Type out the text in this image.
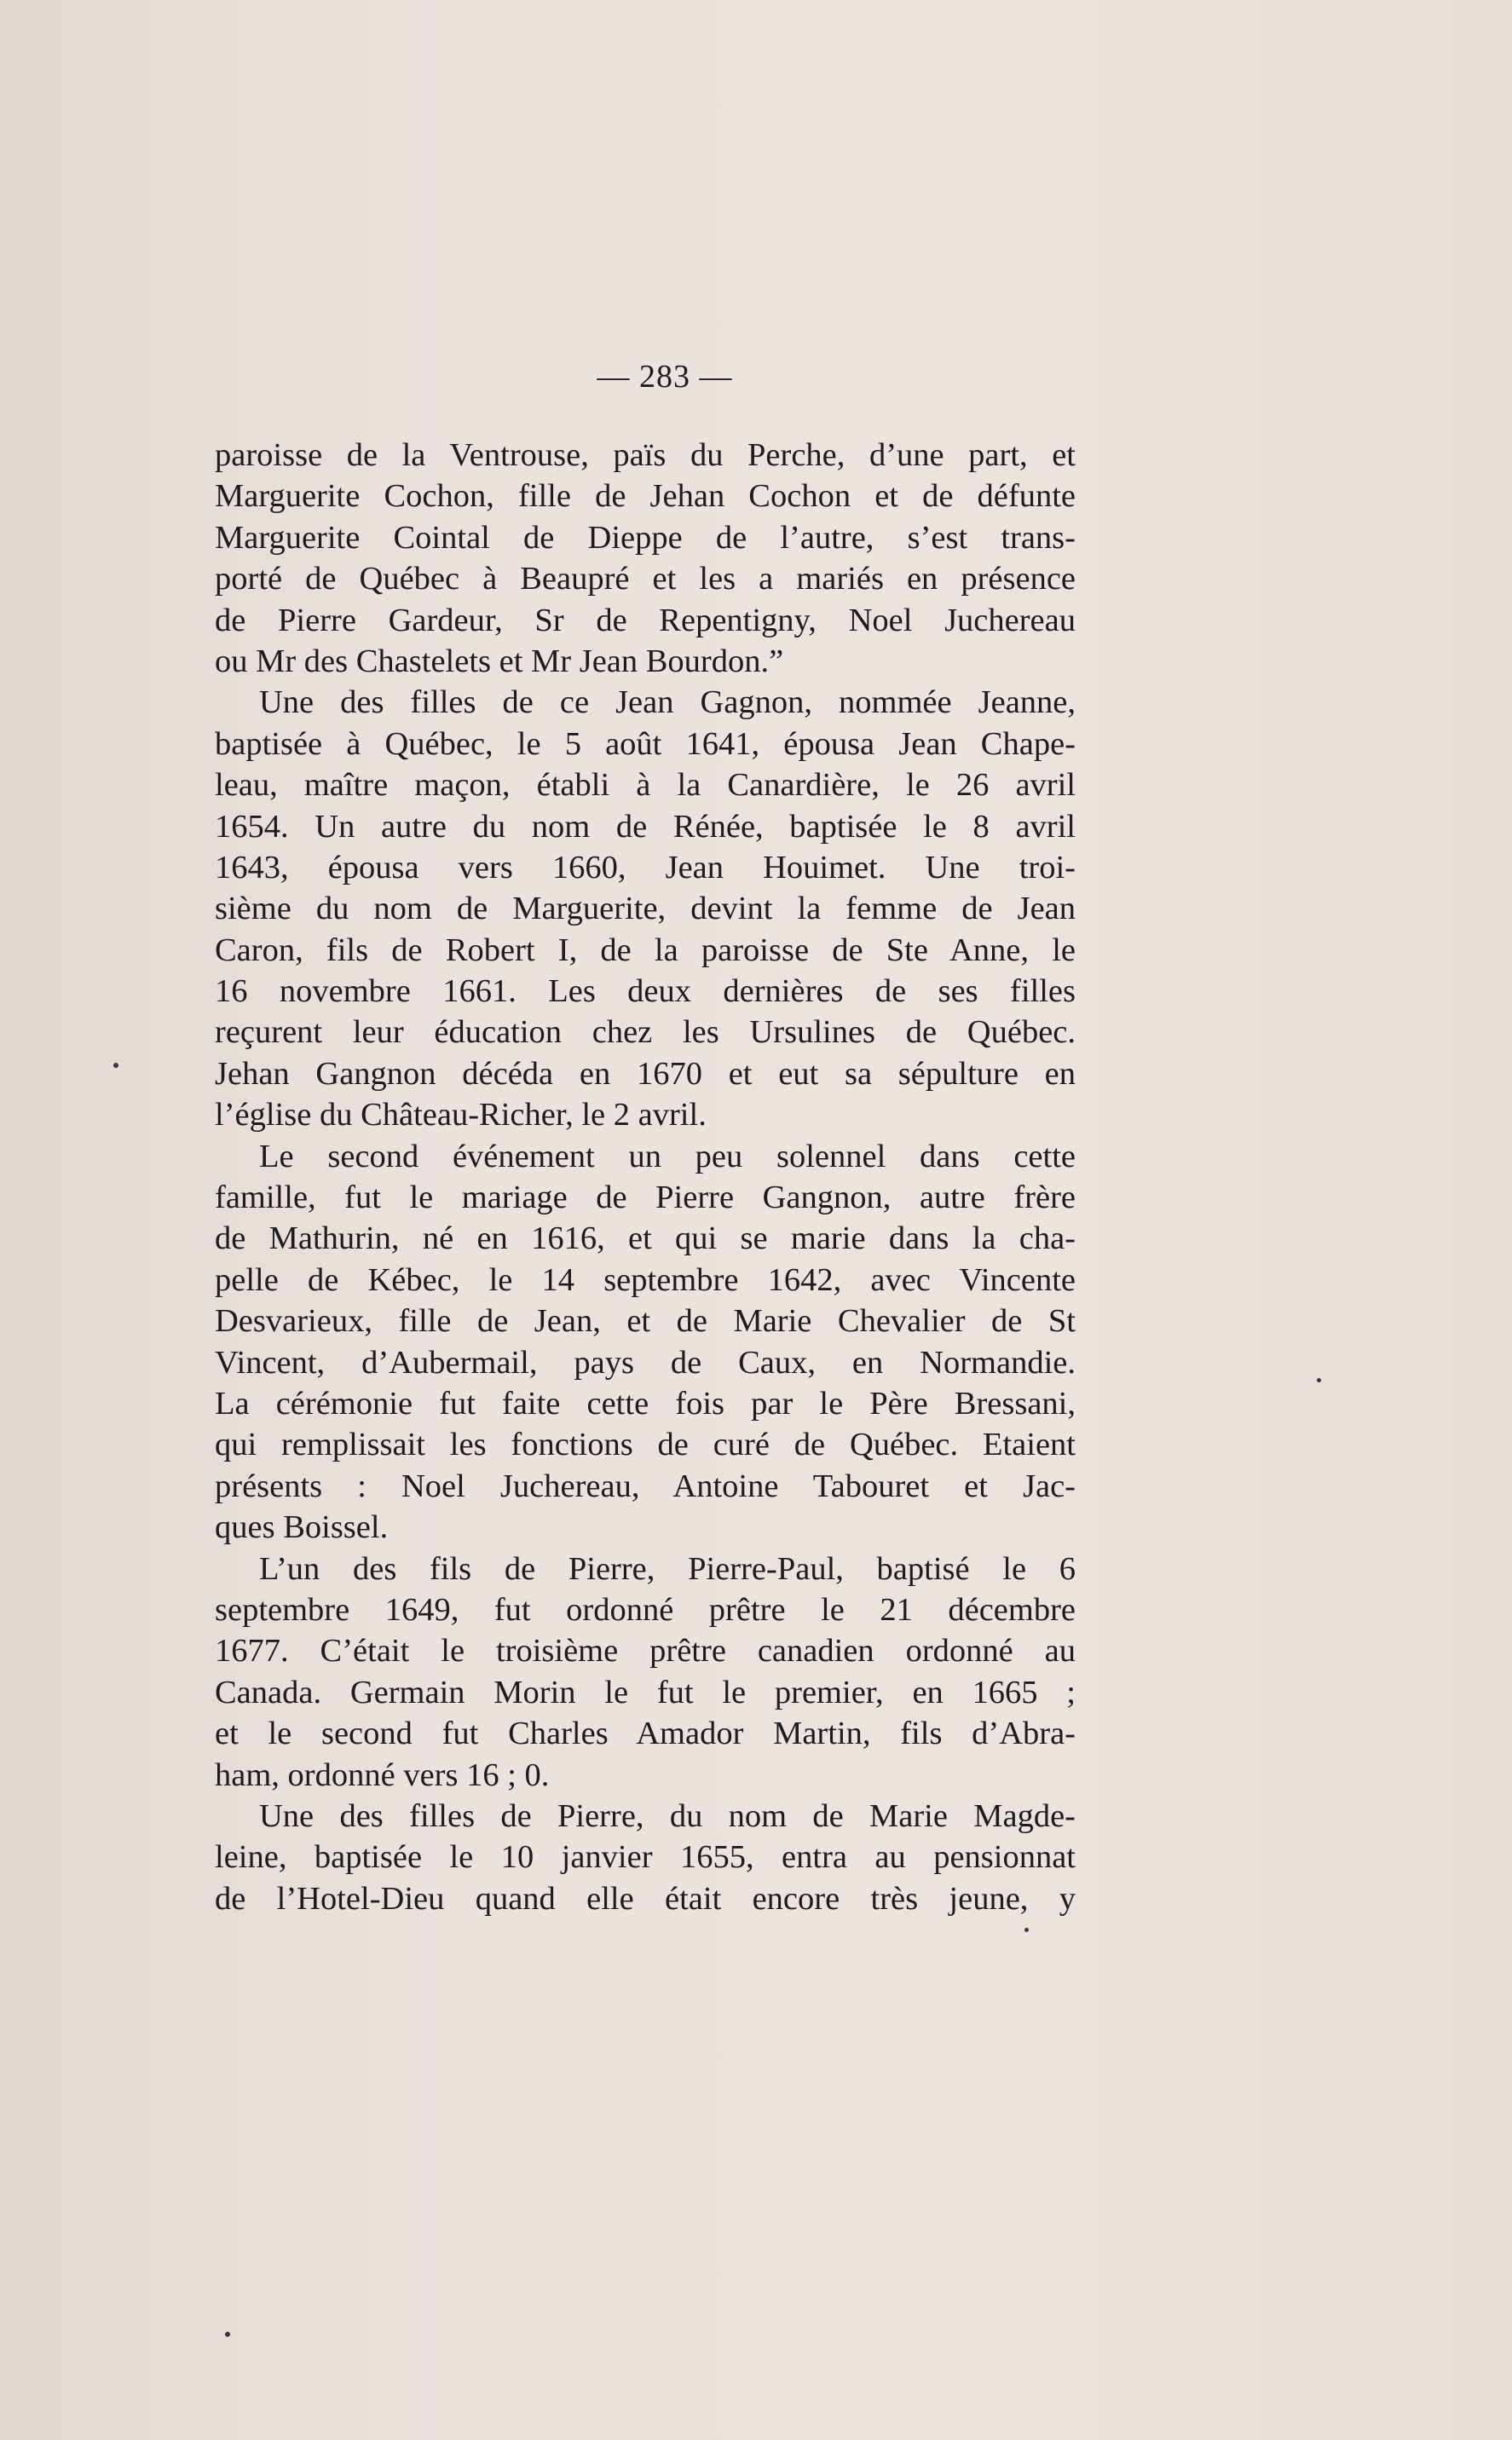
— 283 —
paroisse de la Ventrouse, païs du Perche, d’une part, et
Marguerite Cochon, fille de Jehan Cochon et de défunte
Marguerite Cointal de Dieppe de l’autre, s’est trans-
porté de Québec à Beaupré et les a mariés en présence
de Pierre Gardeur, Sr de Repentigny, Noel Juchereau
ou Mr des Chastelets et Mr Jean Bourdon.”
Une des filles de ce Jean Gagnon, nommée Jeanne,
baptisée à Québec, le 5 août 1641, épousa Jean Chape-
leau, maître maçon, établi à la Canardière, le 26 avril
1654. Un autre du nom de Rénée, baptisée le 8 avril
1643, épousa vers 1660, Jean Houimet. Une troi-
sième du nom de Marguerite, devint la femme de Jean
Caron, fils de Robert I, de la paroisse de Ste Anne, le
16 novembre 1661. Les deux dernières de ses filles
reçurent leur éducation chez les Ursulines de Québec.
Jehan Gangnon décéda en 1670 et eut sa sépulture en
l’église du Château-Richer, le 2 avril.
Le second événement un peu solennel dans cette
famille, fut le mariage de Pierre Gangnon, autre frère
de Mathurin, né en 1616, et qui se marie dans la cha-
pelle de Kébec, le 14 septembre 1642, avec Vincente
Desvarieux, fille de Jean, et de Marie Chevalier de St
Vincent, d’Aubermail, pays de Caux, en Normandie.
La cérémonie fut faite cette fois par le Père Bressani,
qui remplissait les fonctions de curé de Québec. Etaient
présents : Noel Juchereau, Antoine Tabouret et Jac-
ques Boissel.
L’un des fils de Pierre, Pierre-Paul, baptisé le 6
septembre 1649, fut ordonné prêtre le 21 décembre
1677. C’était le troisième prêtre canadien ordonné au
Canada. Germain Morin le fut le premier, en 1665 ;
et le second fut Charles Amador Martin, fils d’Abra-
ham, ordonné vers 16 ; 0.
Une des filles de Pierre, du nom de Marie Magde-
leine, baptisée le 10 janvier 1655, entra au pensionnat
de l’Hotel-Dieu quand elle était encore très jeune, y
